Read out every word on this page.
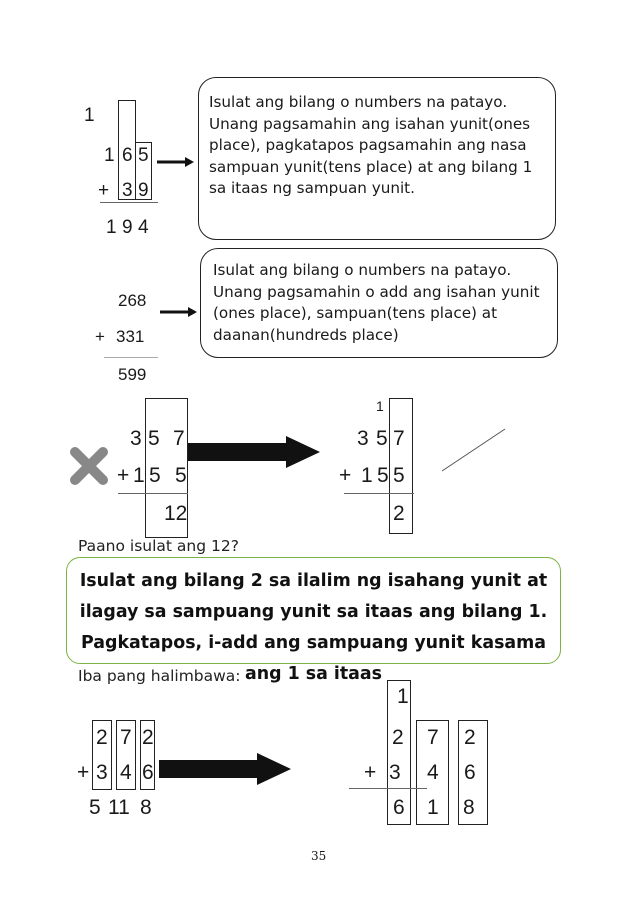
1
1 6 5
+ 3 9
1 9 4
Isulat ang bilang o numbers na patayo. Unang pagsamahin ang isahan yunit(ones place), pagkatapos pagsamahin ang nasa sampuan yunit(tens place) at ang bilang 1 sa itaas ng sampuan yunit.
268
+ 331
599
Isulat ang bilang o numbers na patayo. Unang pagsamahin o add ang isahan yunit (ones place), sampuan(tens place) at daanan(hundreds place)
3 5 7
+ 1 5 5
12
1
3 5 7
+ 1 5 5
2
Paano isulat ang 12?
Isulat ang bilang 2 sa ilalim ng isahang yunit at ilagay sa sampuang yunit sa itaas ang bilang 1. Pagkatapos, i-add ang sampuang yunit kasama ang 1 sa itaas
Iba pang halimbawa:
2 7 2
+ 3 4 6
5 11 8
1
2 7 2
+ 3 4 6
6 1 8
35
